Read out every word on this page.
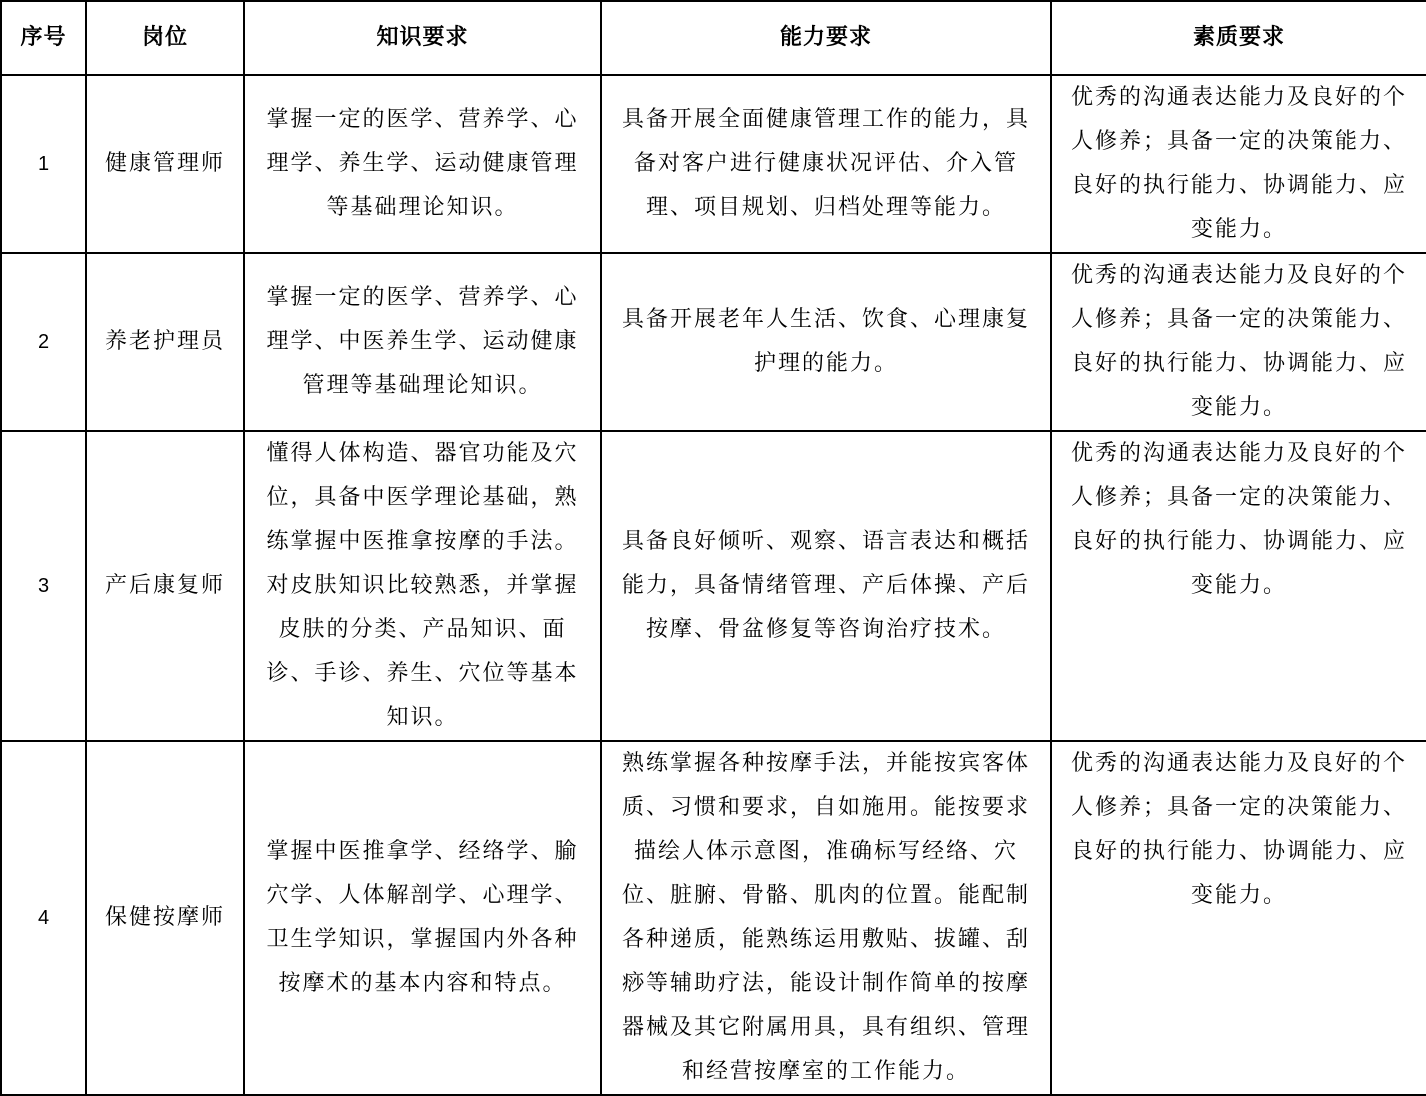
序号	岗位	知识要求	能力要求	素质要求
1	健康管理师	掌握一定的医学、营养学、心理学、养生学、运动健康管理等基础理论知识。	具备开展全面健康管理工作的能力，具备对客户进行健康状况评估、介入管理、项目规划、归档处理等能力。	优秀的沟通表达能力及良好的个人修养；具备一定的决策能力、良好的执行能力、协调能力、应变能力。
2	养老护理员	掌握一定的医学、营养学、心理学、中医养生学、运动健康管理等基础理论知识。	具备开展老年人生活、饮食、心理康复护理的能力。	优秀的沟通表达能力及良好的个人修养；具备一定的决策能力、良好的执行能力、协调能力、应变能力。
3	产后康复师	懂得人体构造、器官功能及穴位，具备中医学理论基础，熟练掌握中医推拿按摩的手法。对皮肤知识比较熟悉，并掌握皮肤的分类、产品知识、面诊、手诊、养生、穴位等基本知识。	具备良好倾听、观察、语言表达和概括能力，具备情绪管理、产后体操、产后按摩、骨盆修复等咨询治疗技术。	优秀的沟通表达能力及良好的个人修养；具备一定的决策能力、良好的执行能力、协调能力、应变能力。
4	保健按摩师	掌握中医推拿学、经络学、腧穴学、人体解剖学、心理学、卫生学知识，掌握国内外各种按摩术的基本内容和特点。	熟练掌握各种按摩手法，并能按宾客体质、习惯和要求，自如施用。能按要求描绘人体示意图，准确标写经络、穴位、脏腑、骨骼、肌肉的位置。能配制各种递质，能熟练运用敷贴、拔罐、刮痧等辅助疗法，能设计制作简单的按摩器械及其它附属用具，具有组织、管理和经营按摩室的工作能力。	优秀的沟通表达能力及良好的个人修养；具备一定的决策能力、良好的执行能力、协调能力、应变能力。
